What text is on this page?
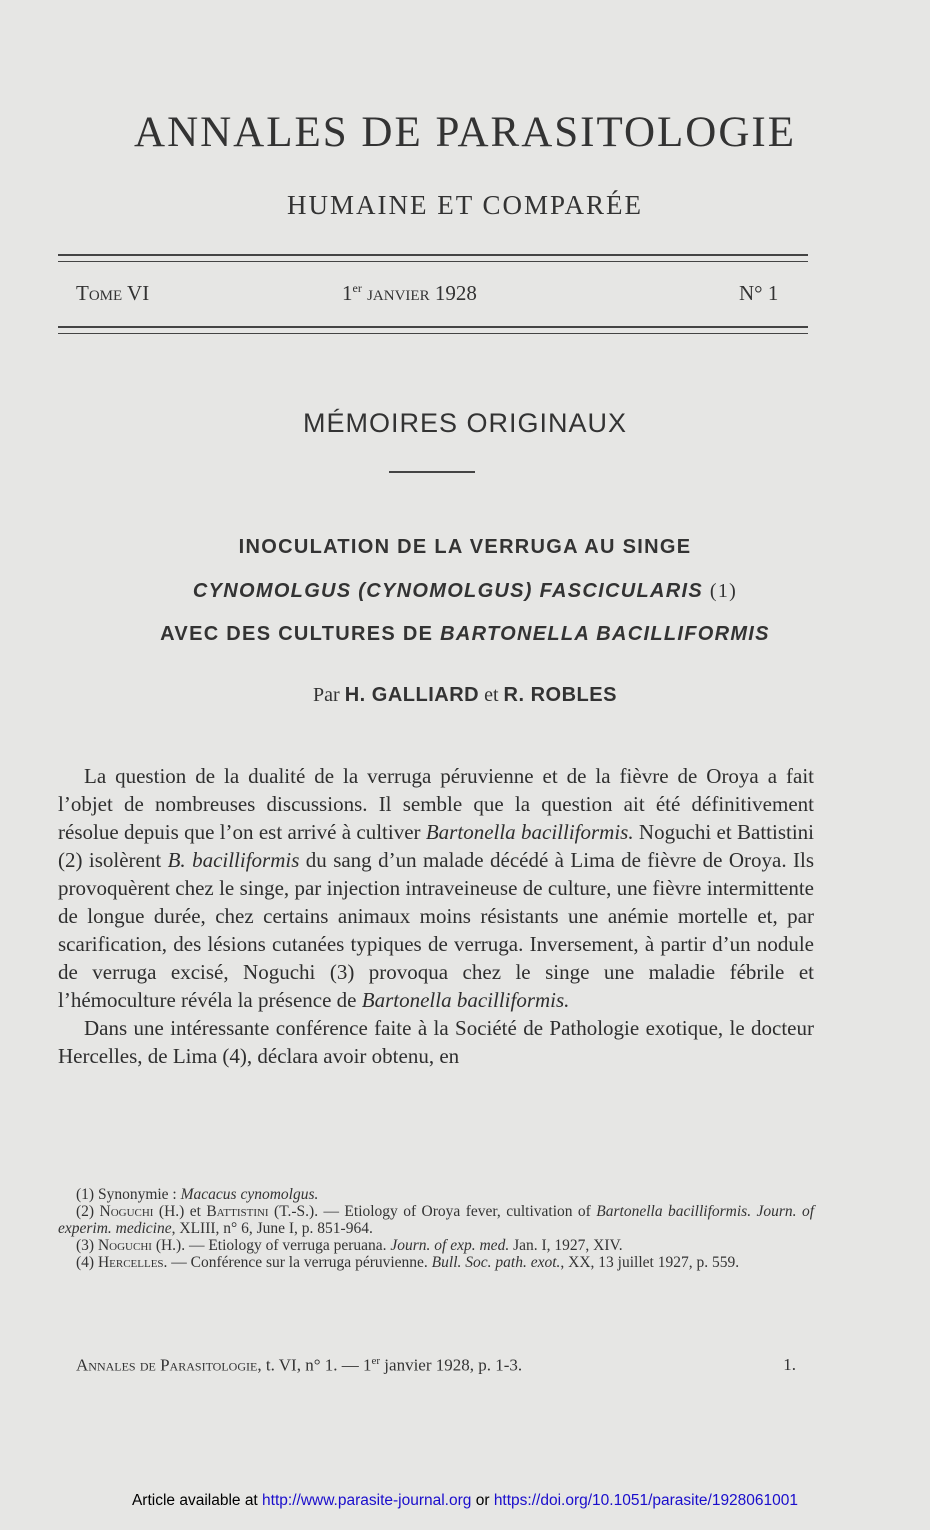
ANNALES DE PARASITOLOGIE
HUMAINE ET COMPARÉE
Tome VI	1er janvier 1928	N° 1
MÉMOIRES ORIGINAUX
INOCULATION DE LA VERRUGA AU SINGE
CYNOMOLGUS (CYNOMOLGUS) FASCICULARIS (1)
AVEC DES CULTURES DE BARTONELLA BACILLIFORMIS
Par H. GALLIARD et R. ROBLES

La question de la dualité de la verruga péruvienne et de la fièvre de Oroya a fait l’objet de nombreuses discussions. Il semble que la question ait été définitivement résolue depuis que l’on est arrivé à cultiver Bartonella bacilliformis. Noguchi et Battistini (2) isolèrent B. bacilliformis du sang d’un malade décédé à Lima de fièvre de Oroya. Ils provoquèrent chez le singe, par injection intraveineuse de culture, une fièvre intermittente de longue durée, chez certains animaux moins résistants une anémie mortelle et, par scarification, des lésions cutanées typiques de verruga. Inversement, à partir d’un nodule de verruga excisé, Noguchi (3) provoqua chez le singe une maladie fébrile et l’hémoculture révéla la présence de Bartonella bacilliformis.

Dans une intéressante conférence faite à la Société de Pathologie exotique, le docteur Hercelles, de Lima (4), déclara avoir obtenu, en

(1) Synonymie : Macacus cynomolgus.

(2) Noguchi (H.) et Battistini (T.-S.). — Etiology of Oroya fever, cultivation of Bartonella bacilliformis. Journ. of experim. medicine, XLIII, n° 6, June I, p. 851-964.

(3) Noguchi (H.). — Etiology of verruga peruana. Journ. of exp. med. Jan. I, 1927, XIV.

(4) Hercelles. — Conférence sur la verruga péruvienne. Bull. Soc. path. exot., XX, 13 juillet 1927, p. 559.

Annales de Parasitologie, t. VI, n° 1. — 1er janvier 1928, p. 1-3.	1.
Article available at http://www.parasite-journal.org or https://doi.org/10.1051/parasite/1928061001
